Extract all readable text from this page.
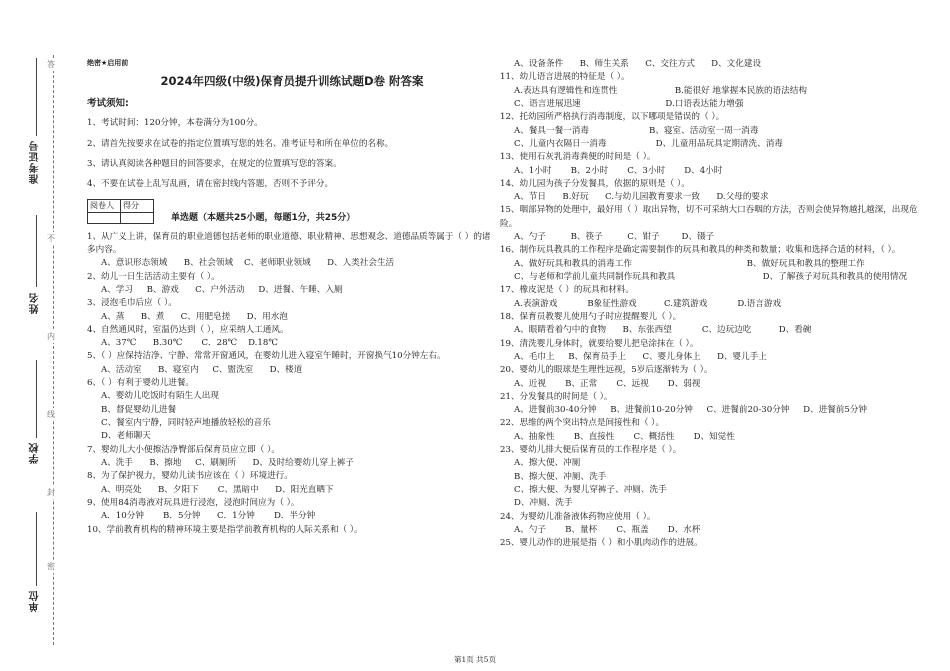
答
不
内
线
封
密
准考证号
姓名
学校
单位
绝密★启用前
2024年四级(中级)保育员提升训练试题D卷 附答案
考试须知:

1、考试时间：120分钟，本卷满分为100分。

2、请首先按要求在试卷的指定位置填写您的姓名、准考证号和所在单位的名称。

3、请认真阅读各种题目的回答要求，在规定的位置填写您的答案。

4、不要在试卷上乱写乱画，请在密封线内答题，否则不予评分。

阅卷人	得分

单选题（本题共25小题，每题1分，共25分）

1、从广义上讲，保育员的职业道德包括老师的职业道德、职业精神、思想观念、道德品质等属于（ ）的诸多内容。

A、意识形态领域      B、社会领域    C、老师职业领域      D、人类社会生活

2、幼儿一日生活活动主要有（ ）。

A、学习     B、游戏      C、户外活动     D、进餐、午睡、入厕

3、浸泡毛巾后应（ ）。

A、蒸      B、煮      C、用肥皂搓      D、用水泡

4、自然通风时，室温仍达到（ ），应采纳人工通风。

A、37℃      B.30℃       C．28℃    D.18℃

5、（ ）应保持洁净、宁静、常常开窗通风，在婴幼儿进入寝室午睡时，开窗换气10分钟左右。

A、活动室      B、寝室内     C、盥洗室      D、楼道

6、（ ）有利于婴幼儿进餐。

A、婴幼儿吃饭时有陌生人出现
B、督促婴幼儿进餐
C、餐室内宁静，同时轻声地播放轻松的音乐
D、老师聊天

7、婴幼儿大小便擦洁净臀部后保育员应立即（ ）。

A、洗手      B、擦地     C、刷厕所      D、及时给婴幼儿穿上裤子

8、为了保护视力，婴幼儿读书应该在（ ）环境进行。

A、明亮处      B、夕阳下       C、黑暗中      D、阳光直晒下

9、使用84消毒液对玩具进行浸泡，浸泡时间应为（ ）。

A．10分钟       B．5分钟      C．1分钟       D．半分钟

10、学前教育机构的精神环境主要是指学前教育机构的人际关系和（ ）。

A、设备条件      B、师生关系      C、交往方式      D、文化建设

11、幼儿语言进展的特征是（ ）。

A.表达具有逻辑性和连贯性                     B.能很好 地掌握本民族的语法结构
C、语言进展迅速                               D.口语表达能力增强

12、托幼园所严格执行消毒制度，以下哪项是错误的（ ）。

A、餐具一餐一消毒                      B、寝室、活动室一周一消毒
C、儿童内衣隔日一消毒                  D、儿童用品玩具定期清洗、消毒

13、使用石灰乳消毒粪便的时间是（ ）。

A、1小时       B、2小时       C、3小时       D、4小时

14、幼儿园为孩子分发餐具，依据的原则是（ ）。

A、节日      B.好玩      C.与幼儿园教育要求一致      D.父母的要求

15、咽部异物的处理中，最好用（ ）取出异物，切不可采纳大口吞咽的方法，否则会使异物越扎越深，出现危险。

A、勺子         B、筷子         C、钳子        D、镊子

16、制作玩具教具的工作程序是确定需要制作的玩具和教具的种类和数量；收集和选择合适的材料，（ ）。

A、做好玩具和教具的消毒工作                                          B、做好玩具和教具的整理工作
C、与老师和学前儿童共同制作玩具和教具                                D、了解孩子对玩具和教具的使用情况

17、橡皮泥是（ ）的玩具和材料。

A.表演游戏           B象征性游戏          C.建筑游戏           D.语言游戏

18、保育员教婴儿使用勺子时应提醒婴儿（ ）。

A、眼睛看着勺中的食物      B、东张西望           C、边玩边吃          D、看碗

19、清洗婴儿身体时，就要给婴儿把皂涂抹在（ ）。

A、毛巾上     B、保育员手上      C、婴儿身体上      D、婴儿手上

20、婴幼儿的眼球是生理性远视，5岁后逐渐转为（ ）。

A、近视       B、正常       C、远视       D、弱视

21、分发餐具的时间是（ ）。

A、进餐前30-40分钟     B、进餐前10-20分钟     C、进餐前20-30分钟     D、进餐前5分钟

22、思维的两个突出特点是间接性和（ ）。

A、抽象性       B、直接性       C、概括性       D、知觉性

23、婴幼儿排大便后保育员的工作程序是（ ）。

A、擦大便、冲厕
B、擦大便、冲厕、洗手
C、擦大便、为婴儿穿裤子、冲厕、洗手
D、冲厕、洗手

24、为婴幼儿准备液体药物应使用（ ）。

A、勺子       B、量杯       C、瓶盖       D、水杯

25、婴儿动作的进展是指（ ）和小肌肉动作的进展。

第1页 共5页
